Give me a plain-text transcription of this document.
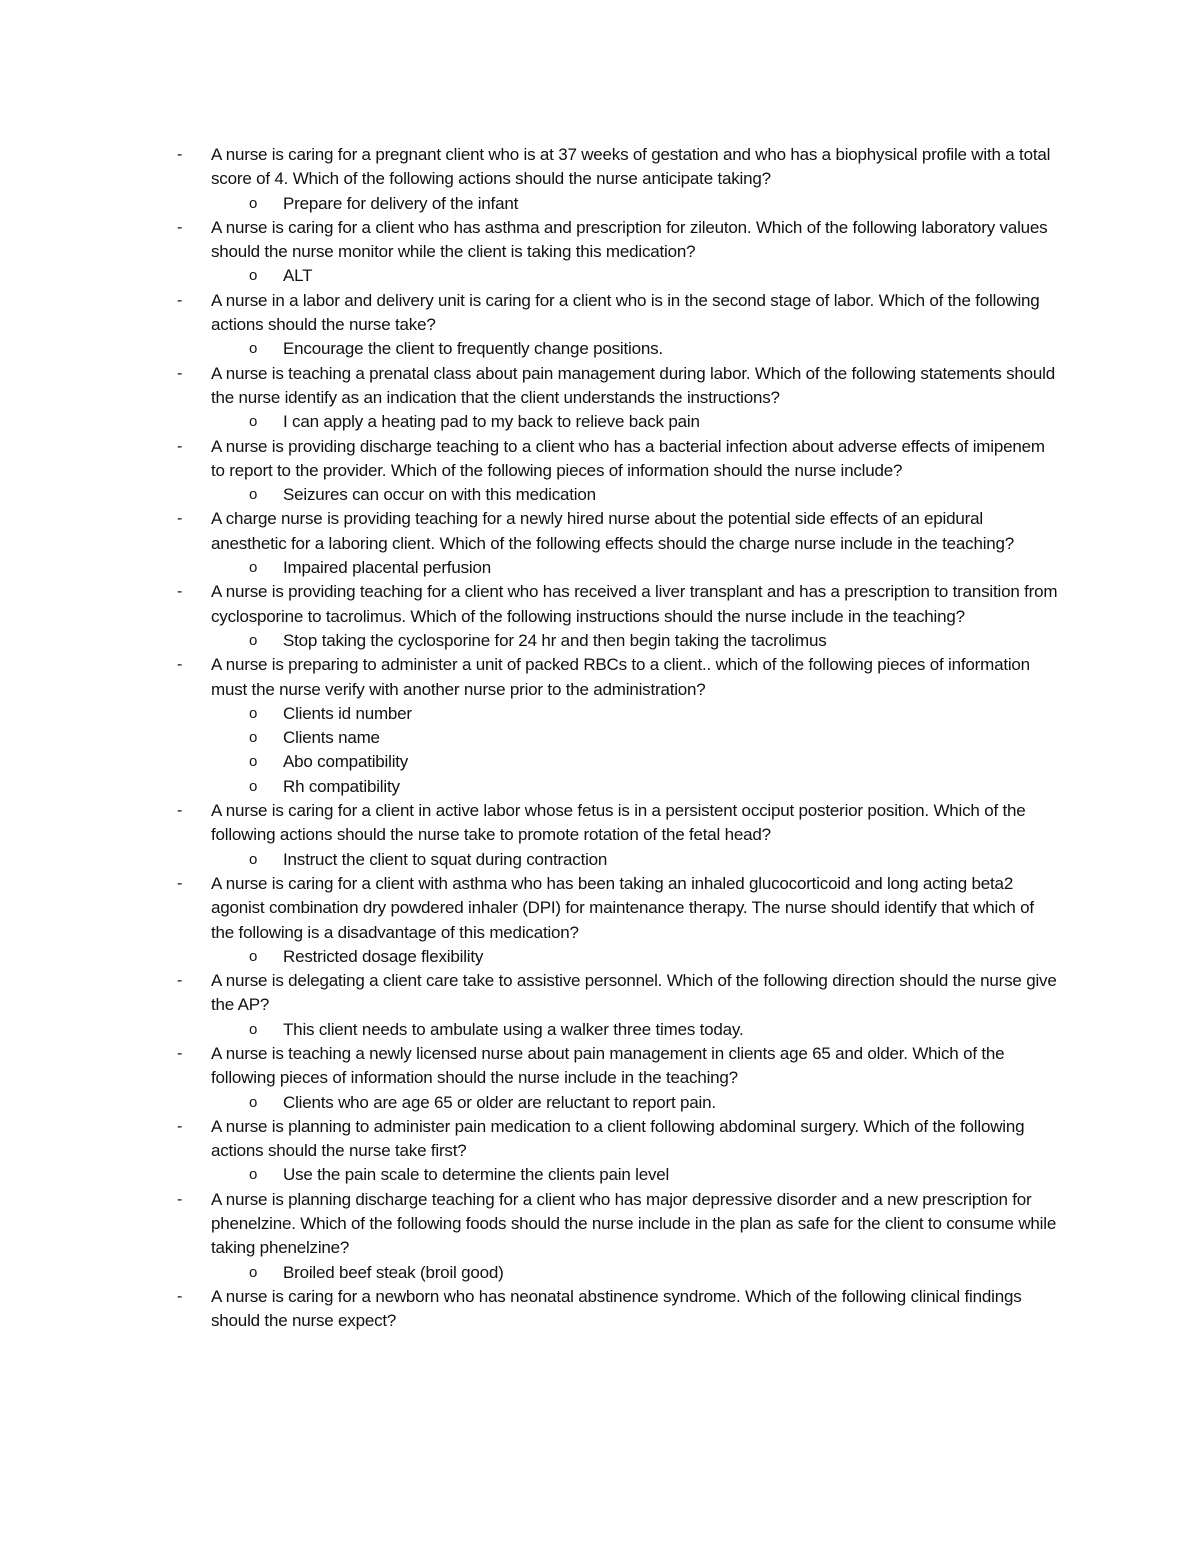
- A nurse is caring for a pregnant client who is at 37 weeks of gestation and who has a biophysical profile with a total score of 4. Which of the following actions should the nurse anticipate taking?
o Prepare for delivery of the infant
- A nurse is caring for a client who has asthma and prescription for zileuton. Which of the following laboratory values should the nurse monitor while the client is taking this medication?
o ALT
- A nurse in a labor and delivery unit is caring for a client who is in the second stage of labor. Which of the following actions should the nurse take?
o Encourage the client to frequently change positions.
- A nurse is teaching a prenatal class about pain management during labor. Which of the following statements should the nurse identify as an indication that the client understands the instructions?
o I can apply a heating pad to my back to relieve back pain
- A nurse is providing discharge teaching to a client who has a bacterial infection about adverse effects of imipenem to report to the provider. Which of the following pieces of information should the nurse include?
o Seizures can occur on with this medication
- A charge nurse is providing teaching for a newly hired nurse about the potential side effects of an epidural anesthetic for a laboring client. Which of the following effects should the charge nurse include in the teaching?
o Impaired placental perfusion
- A nurse is providing teaching for a client who has received a liver transplant and has a prescription to transition from cyclosporine to tacrolimus. Which of the following instructions should the nurse include in the teaching?
o Stop taking the cyclosporine for 24 hr and then begin taking the tacrolimus
- A nurse is preparing to administer a unit of packed RBCs to a client.. which of the following pieces of information must the nurse verify with another nurse prior to the administration?
o Clients id number
o Clients name
o Abo compatibility
o Rh compatibility
- A nurse is caring for a client in active labor whose fetus is in a persistent occiput posterior position. Which of the following actions should the nurse take to promote rotation of the fetal head?
o Instruct the client to squat during contraction
- A nurse is caring for a client with asthma who has been taking an inhaled glucocorticoid and long acting beta2 agonist combination dry powdered inhaler (DPI) for maintenance therapy. The nurse should identify that which of the following is a disadvantage of this medication?
o Restricted dosage flexibility
- A nurse is delegating a client care take to assistive personnel. Which of the following direction should the nurse give the AP?
o This client needs to ambulate using a walker three times today.
- A nurse is teaching a newly licensed nurse about pain management in clients age 65 and older. Which of the following pieces of information should the nurse include in the teaching?
o Clients who are age 65 or older are reluctant to report pain.
- A nurse is planning to administer pain medication to a client following abdominal surgery. Which of the following actions should the nurse take first?
o Use the pain scale to determine the clients pain level
- A nurse is planning discharge teaching for a client who has major depressive disorder and a new prescription for phenelzine. Which of the following foods should the nurse include in the plan as safe for the client to consume while taking phenelzine?
o Broiled beef steak (broil good)
- A nurse is caring for a newborn who has neonatal abstinence syndrome. Which of the following clinical findings should the nurse expect?
